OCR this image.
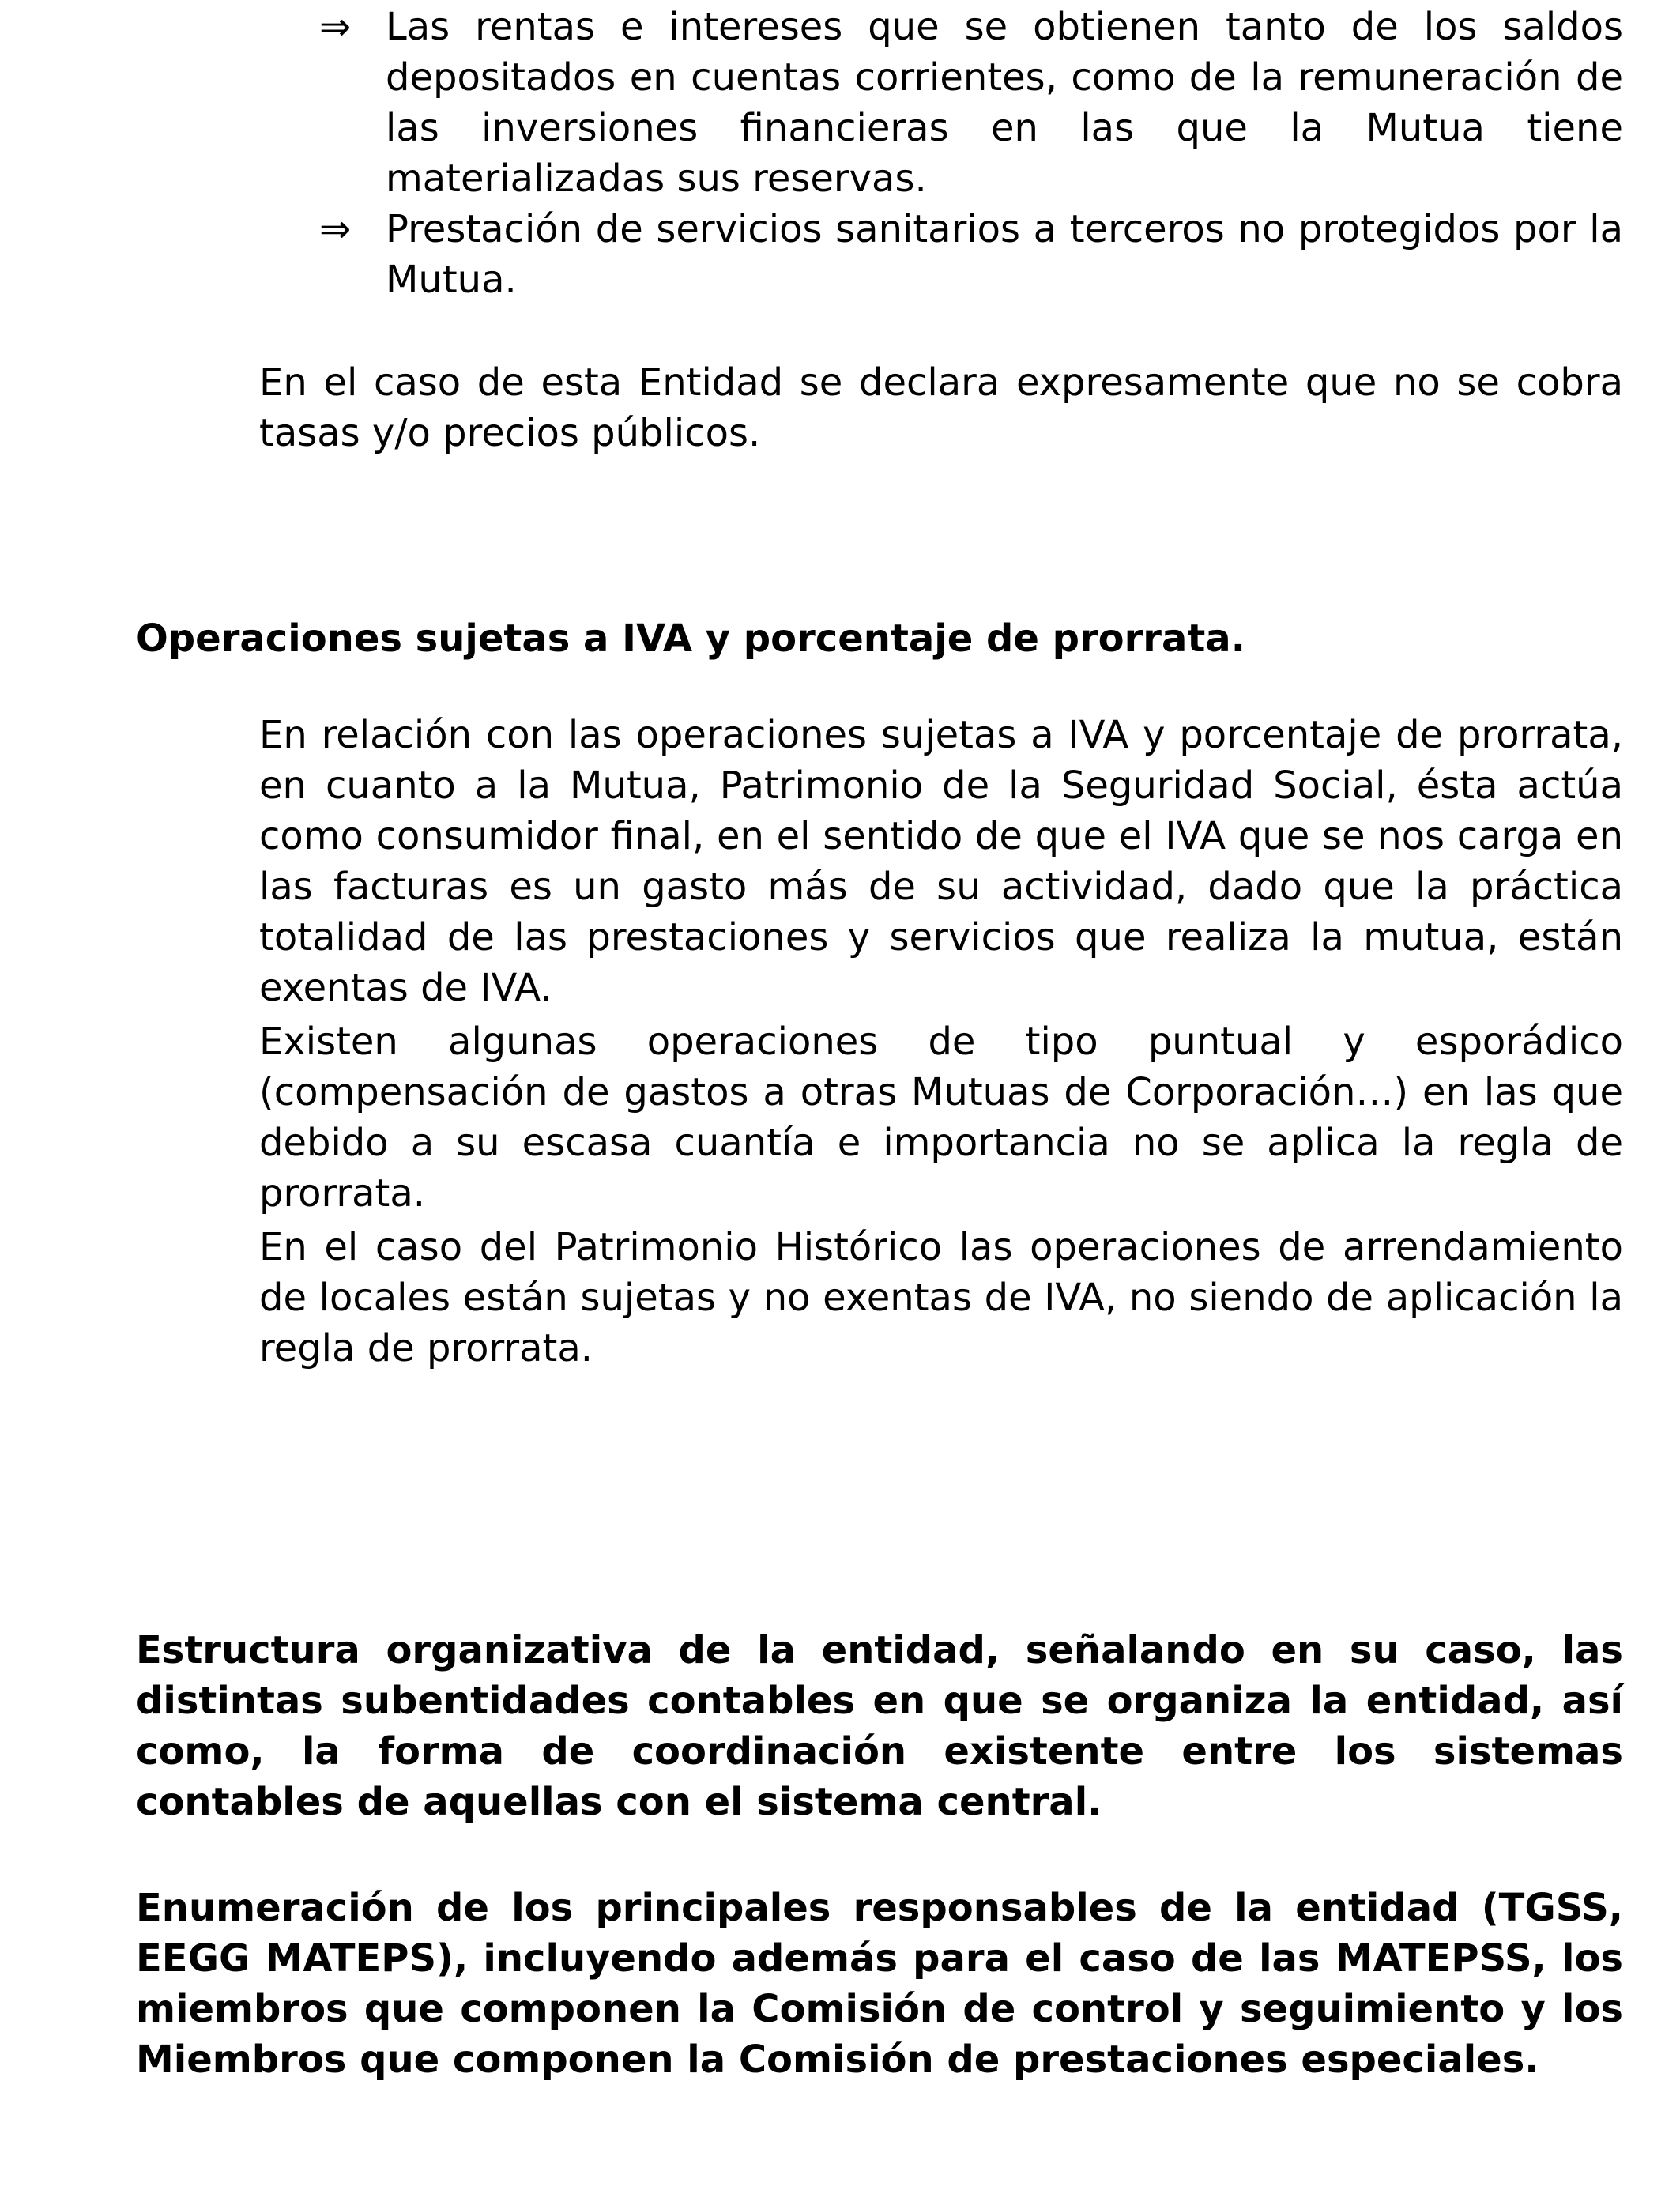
⇒ Las rentas e intereses que se obtienen tanto de los saldos depositados en cuentas corrientes, como de la remuneración de las inversiones financieras en las que la Mutua tiene materializadas sus reservas.

⇒ Prestación de servicios sanitarios a terceros no protegidos por la Mutua.

En el caso de esta Entidad se declara expresamente que no se cobra tasas y/o precios públicos.

Operaciones sujetas a IVA y porcentaje de prorrata.

En relación con las operaciones sujetas a IVA y porcentaje de prorrata, en cuanto a la Mutua, Patrimonio de la Seguridad Social, ésta actúa como consumidor final, en el sentido de que el IVA que se nos carga en las facturas es un gasto más de su actividad, dado que la práctica totalidad de las prestaciones y servicios que realiza la mutua, están exentas de IVA.

Existen algunas operaciones de tipo puntual y esporádico (compensación de gastos a otras Mutuas de Corporación…) en las que debido a su escasa cuantía e importancia no se aplica la regla de prorrata.

En el caso del Patrimonio Histórico las operaciones de arrendamiento de locales están sujetas y no exentas de IVA, no siendo de aplicación la regla de prorrata.

Estructura organizativa de la entidad, señalando en su caso, las distintas subentidades contables en que se organiza la entidad, así como, la forma de coordinación existente entre los sistemas contables de aquellas con el sistema central.
Enumeración de los principales responsables de la entidad (TGSS, EEGG MATEPS), incluyendo además para el caso de las MATEPSS, los miembros que componen la Comisión de control y seguimiento y los Miembros que componen la Comisión de prestaciones especiales.
